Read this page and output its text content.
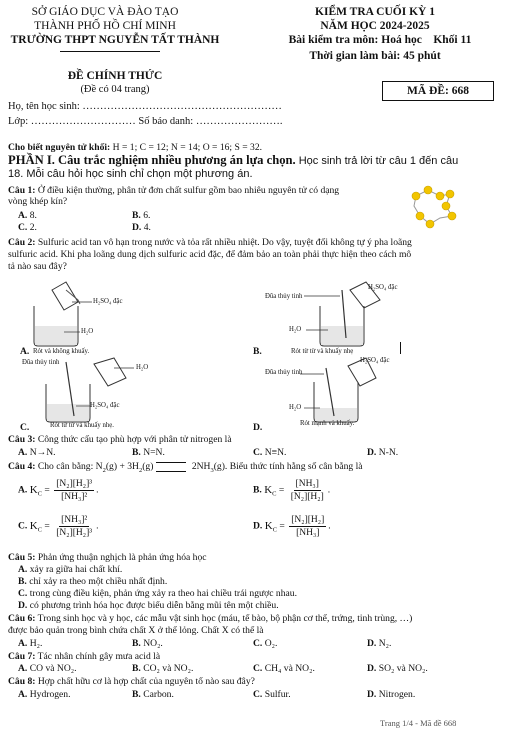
SỞ GIÁO DỤC VÀ ĐÀO TẠO
THÀNH PHỐ HỒ CHÍ MINH
TRƯỜNG THPT NGUYỄN TẤT THÀNH
KIỂM TRA CUỐI KỲ 1
NĂM HỌC 2024-2025
Bài kiểm tra môn: Hoá học    Khối 11
Thời gian làm bài: 45 phút
ĐỀ CHÍNH THỨC
(Đề có 04 trang)	MÃ ĐỀ: 668
Họ, tên học sinh: …………………………………………………
Lớp: ………………………… Số báo danh: …………………….
Cho biết nguyên tử khối: H = 1; C = 12; N = 14; O = 16; S = 32.
PHẦN I. Câu trắc nghiệm nhiều phương án lựa chọn. Học sinh trả lời từ câu 1 đến câu
18. Mỗi câu hỏi học sinh chỉ chọn một phương án.
Câu 1: Ở điều kiện thường, phân tử đơn chất sulfur gồm bao nhiêu nguyên tử có dạng
vòng khép kín?
A. 8.	B. 6.
C. 2.	D. 4.
Câu 2: Sulfuric acid tan vô hạn trong nước và tỏa rất nhiều nhiệt. Do vậy, tuyệt đối không tự ý pha loãng
sulfuric acid. Khi pha loãng dung dịch sulfuric acid đặc, để đảm bảo an toàn phải thực hiện theo cách mô
tả nào sau đây?
H₂SO₄ đặc
H₂O
A. Rót và không khuấy.
Đũa thủy tinh
H₂SO₄ đặc
H₂O
B.	Rót từ từ và khuấy nhẹ
Đũa thủy tinh
H₂O
H₂SO₄ đặc
C.	Rót từ từ và khuấy nhẹ.
Đũa thủy tinh
H₂SO₄ đặc
H₂O
D.	Rót mạnh và khuấy.
Câu 3: Công thức cấu tạo phù hợp với phân tử nitrogen là
A. N→N.	B. N=N.	C. N≡N.	D. N-N.
Câu 4: Cho cân bằng: $N_2(g) + 3H_2(g)$	$2NH_3(g)$. Biểu thức tính hằng số cân bằng là
A. $K_C = \frac{\text{[N₂][H₂]³}}{\text{[NH₃]²}}$ .	B. $K_C = \frac{\text{[NH₃]}}{\text{[N₂][H₂]}}$ .
C. $K_C = \frac{\text{[NH₃]²}}{\text{[N₂][H₂]³}}$ .	D. $K_C = \frac{\text{[N₂][H₂]}}{\text{[NH₃]}}$ .
Câu 5: Phản ứng thuận nghịch là phản ứng hóa học
A. xảy ra giữa hai chất khí.
B. chỉ xảy ra theo một chiều nhất định.
C. trong cùng điều kiện, phản ứng xảy ra theo hai chiều trái ngược nhau.
D. có phương trình hóa học được biểu diễn bằng mũi tên một chiều.
Câu 6: Trong sinh học và y học, các mẫu vật sinh học (máu, tế bào, bộ phận cơ thể, trứng, tinh trùng, …)
được bảo quản trong bình chứa chất X ở thể lỏng. Chất X có thể là
A. H₂.	B. NO₂.	C. O₂.	D. N₂.
Câu 7: Tác nhân chính gây mưa acid là
A. CO và NO₂.	B. CO₂ và NO₂.	C. CH₄ và NO₂.	D. SO₂ và NO₂.
Câu 8: Hợp chất hữu cơ là hợp chất của nguyên tố nào sau đây?
A. Hydrogen.	B. Carbon.	C. Sulfur.	D. Nitrogen.
Trang 1/4 - Mã đề 668
